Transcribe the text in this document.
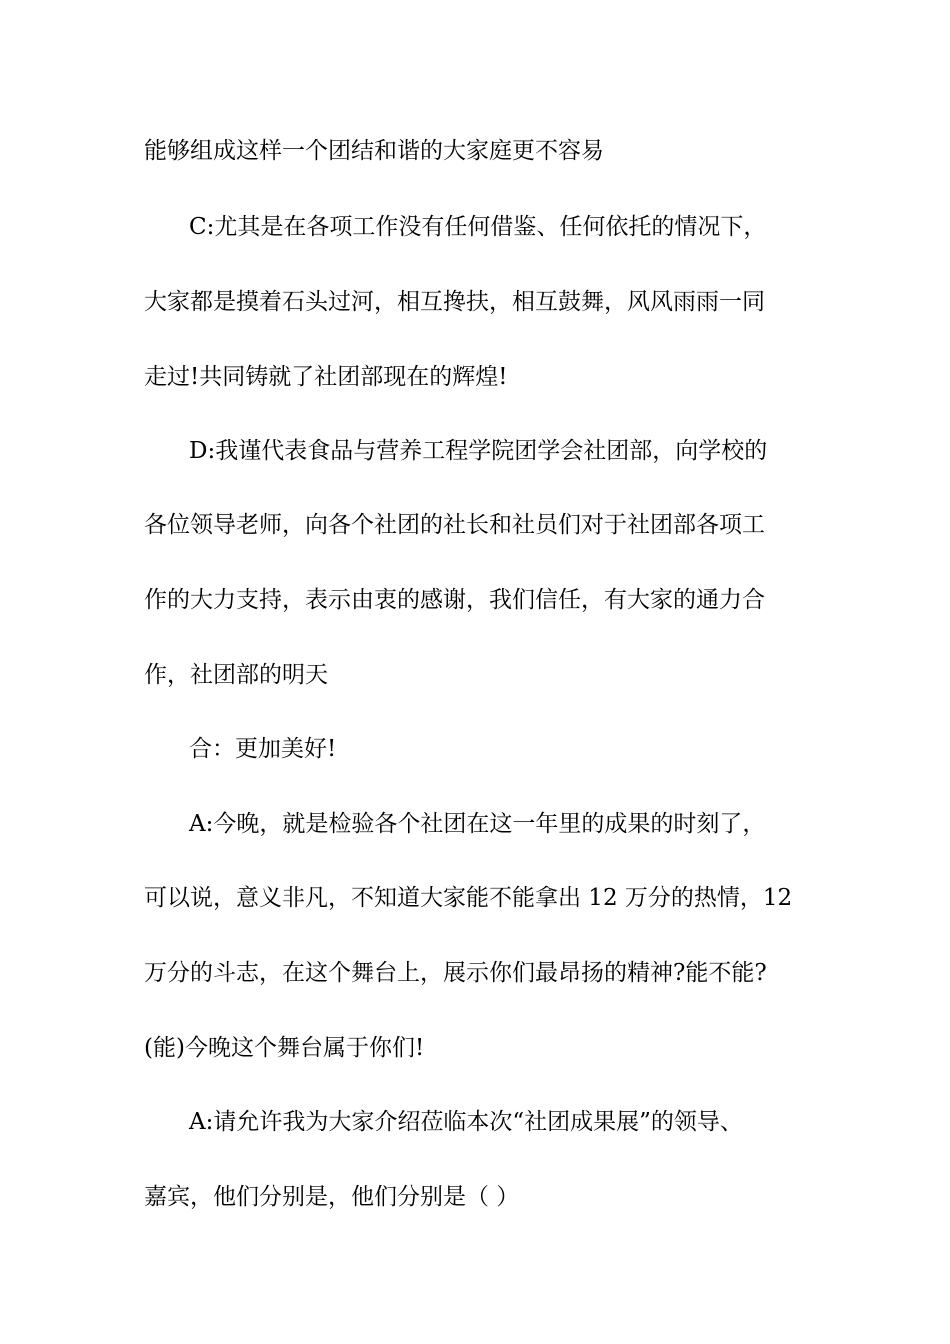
能够组成这样一个团结和谐的大家庭更不容易
C:尤其是在各项工作没有任何借鉴、任何依托的情况下，
大家都是摸着石头过河，相互搀扶，相互鼓舞，风风雨雨一同
走过!共同铸就了社团部现在的辉煌!
D:我谨代表食品与营养工程学院团学会社团部，向学校的
各位领导老师，向各个社团的社长和社员们对于社团部各项工
作的大力支持，表示由衷的感谢，我们信任，有大家的通力合
作，社团部的明天
合：更加美好!
A:今晚，就是检验各个社团在这一年里的成果的时刻了，
可以说，意义非凡，不知道大家能不能拿出 12 万分的热情，12
万分的斗志，在这个舞台上，展示你们最昂扬的精神?能不能?
(能)今晚这个舞台属于你们!
A:请允许我为大家介绍莅临本次“社团成果展”的领导、
嘉宾，他们分别是，他们分别是（ ）
